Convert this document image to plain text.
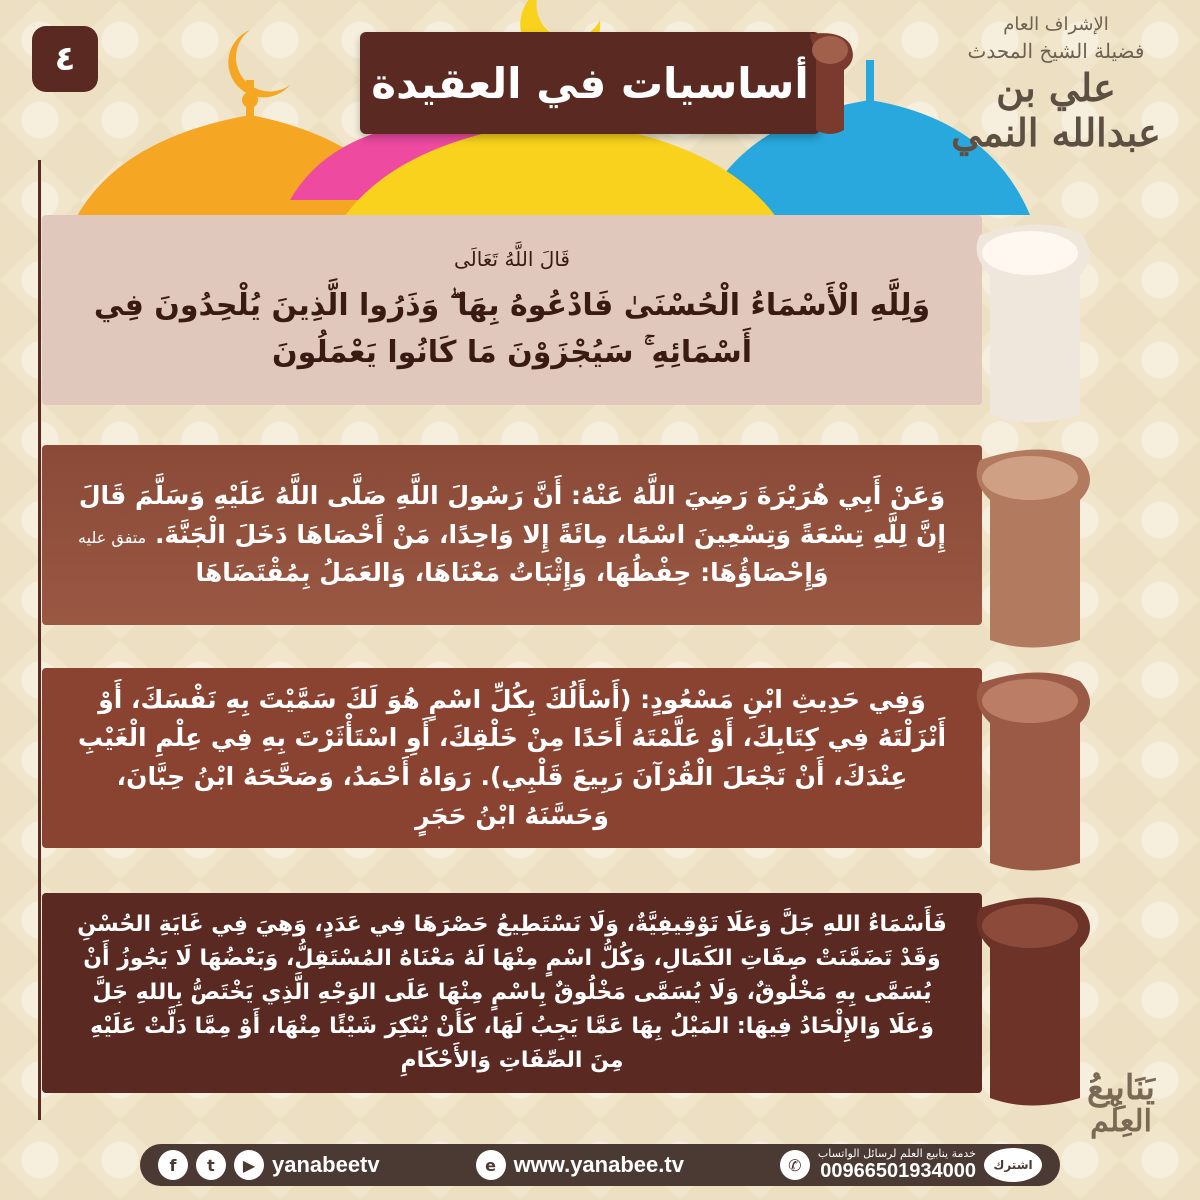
٤	أساسيات في العقيدة
الإشراف العام
فضيلة الشيخ المحدث
علي بن عبدالله النمي

قَالَ اللَّهُ تَعَالَى

وَلِلَّهِ الْأَسْمَاءُ الْحُسْنَىٰ فَادْعُوهُ بِهَا ۖ وَذَرُوا الَّذِينَ يُلْحِدُونَ فِي أَسْمَائِهِ ۚ سَيُجْزَوْنَ مَا كَانُوا يَعْمَلُونَ

وَعَنْ أَبِي هُرَيْرَةَ رَضِيَ اللَّهُ عَنْهُ: أَنَّ رَسُولَ اللَّهِ صَلَّى اللَّهُ عَلَيْهِ وَسَلَّمَ قَالَ إِنَّ لِلَّهِ تِسْعَةً وَتِسْعِينَ اسْمًا، مِائَةً إِلا وَاحِدًا، مَنْ أَحْصَاهَا دَخَلَ الْجَنَّةَ. متفق عليه

وَإِحْصَاؤُهَا: حِفْظُهَا، وَإِثْبَاتُ مَعْنَاهَا، وَالعَمَلُ بِمُقْتَضَاهَا

وَفِي حَدِيثِ ابْنِ مَسْعُودٍ: (أَسْأَلُكَ بِكُلِّ اسْمٍ هُوَ لَكَ سَمَّيْتَ بِهِ نَفْسَكَ، أَوْ أَنْزَلْتَهُ فِي كِتَابِكَ، أَوْ عَلَّمْتَهُ أَحَدًا مِنْ خَلْقِكَ، أَوِ اسْتَأْثَرْتَ بِهِ فِي عِلْمِ الْغَيْبِ عِنْدَكَ، أَنْ تَجْعَلَ الْقُرْآنَ رَبِيعَ قَلْبِي). رَوَاهُ أَحْمَدُ، وَصَحَّحَهُ ابْنُ حِبَّانَ، وَحَسَّنَهُ ابْنُ حَجَرٍ

فَأَسْمَاءُ اللهِ جَلَّ وَعَلَا تَوْقِيفِيَّةٌ، وَلَا نَسْتَطِيعُ حَصْرَهَا فِي عَدَدٍ، وَهِيَ فِي غَايَةِ الحُسْنِ وَقَدْ تَضَمَّنَتْ صِفَاتِ الكَمَالِ، وَكُلُّ اسْمٍ مِنْهَا لَهُ مَعْنَاهُ المُسْتَقِلُّ، وَبَعْضُهَا لَا يَجُوزُ أَنْ يُسَمَّى بِهِ مَخْلُوقٌ، وَلَا يُسَمَّى مَخْلُوقٌ بِاسْمٍ مِنْهَا عَلَى الوَجْهِ الَّذِي يَخْتَصُّ بِاللهِ جَلَّ وَعَلَا وَالإِلْحَادُ فِيهَا: المَيْلُ بِهَا عَمَّا يَجِبُ لَهَا، كَأَنْ يُنْكِرَ شَيْئًا مِنْهَا، أَوْ مِمَّا دَلَّتْ عَلَيْهِ مِنَ الصِّفَاتِ وَالأَحْكَامِ

يَنَابِيعُ
العِلْم
f	t	▶ yanabeetv	e www.yanabee.tv	✆
خدمة ينابيع العلم لرسائل الواتساب
00966501934000	اشترك
